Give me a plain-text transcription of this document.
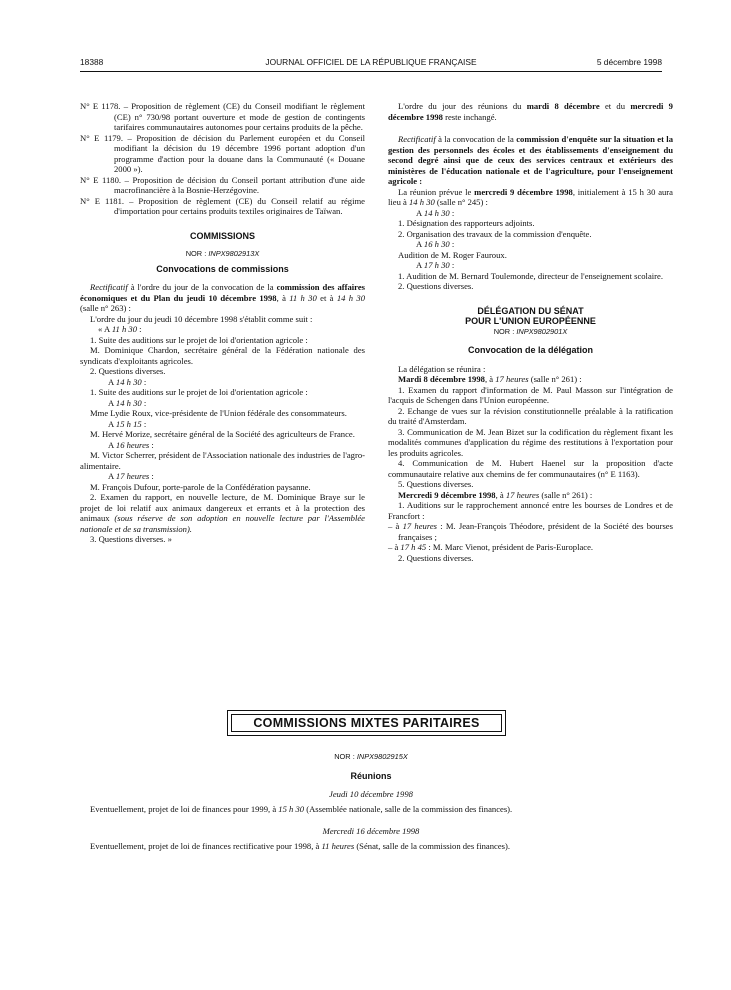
18388	JOURNAL OFFICIEL DE LA RÉPUBLIQUE FRANÇAISE	5 décembre 1998

N° E 1178. – Proposition de règlement (CE) du Conseil modifiant le règlement (CE) n° 730/98 portant ouverture et mode de gestion de contingents tarifaires communautaires autonomes pour certains produits de la pêche.

N° E 1179. – Proposition de décision du Parlement européen et du Conseil modifiant la décision du 19 décembre 1996 portant adoption d'un programme d'action pour la douane dans la Communauté (« Douane 2000 »).

N° E 1180. – Proposition de décision du Conseil portant attribution d'une aide macrofinancière à la Bosnie-Herzégovine.

N° E 1181. – Proposition de règlement (CE) du Conseil relatif au régime d'importation pour certains produits textiles originaires de Taïwan.

COMMISSIONS

NOR : INPX9802913X

Convocations de commissions

Rectificatif à l'ordre du jour de la convocation de la commission des affaires économiques et du Plan du jeudi 10 décembre 1998, à 11 h 30 et à 14 h 30 (salle n° 263) :

L'ordre du jour du jeudi 10 décembre 1998 s'établit comme suit :

« A 11 h 30 :

1. Suite des auditions sur le projet de loi d'orientation agricole :

M. Dominique Chardon, secrétaire général de la Fédération nationale des syndicats d'exploitants agricoles.

2. Questions diverses.

A 14 h 30 :

1. Suite des auditions sur le projet de loi d'orientation agricole :

A 14 h 30 :

Mme Lydie Roux, vice-présidente de l'Union fédérale des consommateurs.

A 15 h 15 :

M. Hervé Morize, secrétaire général de la Société des agriculteurs de France.

A 16 heures :

M. Victor Scherrer, président de l'Association nationale des industries de l'agro-alimentaire.

A 17 heures :

M. François Dufour, porte-parole de la Confédération paysanne.

2. Examen du rapport, en nouvelle lecture, de M. Dominique Braye sur le projet de loi relatif aux animaux dangereux et errants et à la protection des animaux (sous réserve de son adoption en nouvelle lecture par l'Assemblée nationale et de sa transmission).

3. Questions diverses. »

L'ordre du jour des réunions du mardi 8 décembre et du mercredi 9 décembre 1998 reste inchangé.

Rectificatif à la convocation de la commission d'enquête sur la situation et la gestion des personnels des écoles et des établissements d'enseignement du second degré ainsi que de ceux des services centraux et extérieurs des ministères de l'éducation nationale et de l'agriculture, pour l'enseignement agricole :

La réunion prévue le mercredi 9 décembre 1998, initialement à 15 h 30 aura lieu à 14 h 30 (salle n° 245) :

A 14 h 30 :

1. Désignation des rapporteurs adjoints.

2. Organisation des travaux de la commission d'enquête.

A 16 h 30 :

Audition de M. Roger Fauroux.

A 17 h 30 :

1. Audition de M. Bernard Toulemonde, directeur de l'enseignement scolaire.

2. Questions diverses.

DÉLÉGATION DU SÉNAT
POUR L'UNION EUROPÉENNE

NOR : INPX9802901X

Convocation de la délégation

La délégation se réunira :

Mardi 8 décembre 1998, à 17 heures (salle n° 261) :

1. Examen du rapport d'information de M. Paul Masson sur l'intégration de l'acquis de Schengen dans l'Union européenne.

2. Echange de vues sur la révision constitutionnelle préalable à la ratification du traité d'Amsterdam.

3. Communication de M. Jean Bizet sur la codification du règlement fixant les modalités communes d'application du régime des restitutions à l'exportation pour les produits agricoles.

4. Communication de M. Hubert Haenel sur la proposition d'acte communautaire relative aux chemins de fer communautaires (n° E 1163).

5. Questions diverses.

Mercredi 9 décembre 1998, à 17 heures (salle n° 261) :

1. Auditions sur le rapprochement annoncé entre les bourses de Londres et de Francfort :

– à 17 heures : M. Jean-François Théodore, président de la Société des bourses françaises ;

– à 17 h 45 : M. Marc Vienot, président de Paris-Europlace.

2. Questions diverses.

COMMISSIONS MIXTES PARITAIRES

NOR : INPX9802915X

Réunions

Jeudi 10 décembre 1998

Eventuellement, projet de loi de finances pour 1999, à 15 h 30 (Assemblée nationale, salle de la commission des finances).

Mercredi 16 décembre 1998

Eventuellement, projet de loi de finances rectificative pour 1998, à 11 heures (Sénat, salle de la commission des finances).
